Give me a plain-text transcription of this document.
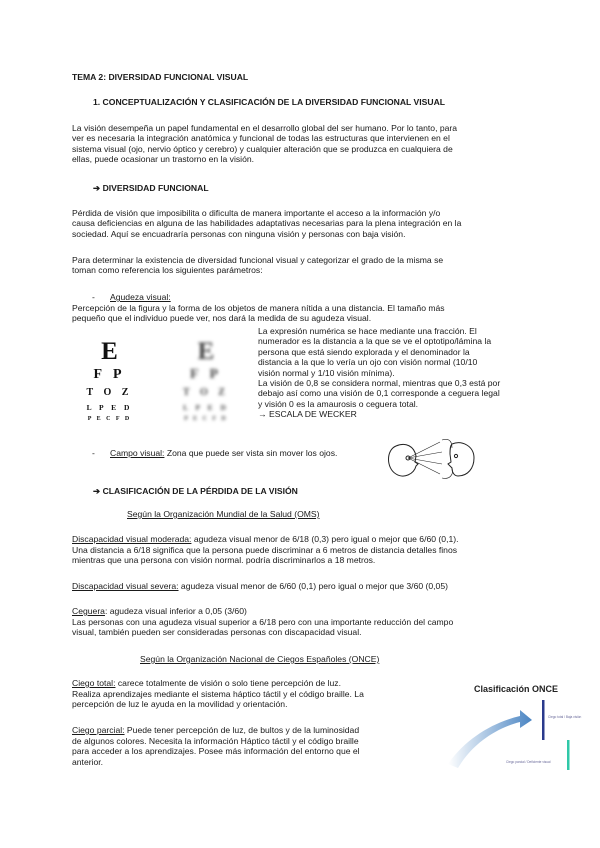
TEMA 2: DIVERSIDAD FUNCIONAL VISUAL
1. CONCEPTUALIZACIÓN Y CLASIFICACIÓN DE LA DIVERSIDAD FUNCIONAL VISUAL

La visión desempeña un papel fundamental en el desarrollo global del ser humano. Por lo tanto, para

ver es necesaria la integración anatómica y funcional de todas las estructuras que intervienen en el

sistema visual (ojo, nervio óptico y cerebro) y cualquier alteración que se produzca en cualquiera de

ellas, puede ocasionar un trastorno en la visión.

➔ DIVERSIDAD FUNCIONAL

Pérdida de visión que imposibilita o dificulta de manera importante el acceso a la información y/o

causa deficiencias en alguna de las habilidades adaptativas necesarias para la plena integración en la

sociedad. Aquí se encuadraría personas con ninguna visión y personas con baja visión.

Para determinar la existencia de diversidad funcional visual y categorizar el grado de la misma se

toman como referencia los siguientes parámetros:

- Agudeza visual:

Percepción de la figura y la forma de los objetos de manera nítida a una distancia. El tamaño más

pequeño que el individuo puede ver, nos dará la medida de su agudeza visual.

E
F P
T O Z
L P E D
P E C F D
E
F P
T O Z
L P E D
P E C F D

La expresión numérica se hace mediante una fracción. El

numerador es la distancia a la que se ve el optotipo/lámina la

persona que está siendo explorada y el denominador la

distancia a la que lo vería un ojo con visión normal (10/10

visión normal y 1/10 visión mínima).

La visión de 0,8 se considera normal, mientras que 0,3 está por

debajo así como una visión de 0,1 corresponde a ceguera legal

y visión 0 es la amaurosis o ceguera total.

→ ESCALA DE WECKER

- Campo visual: Zona que puede ser vista sin mover los ojos.
➔ CLASIFICACIÓN DE LA PÉRDIDA DE LA VISIÓN
Según la Organización Mundial de la Salud (OMS)
Discapacidad visual moderada: agudeza visual menor de 6/18 (0,3) pero igual o mejor que 6/60 (0,1).

Una distancia a 6/18 significa que la persona puede discriminar a 6 metros de distancia detalles finos

mientras que una persona con visión normal. podría discriminarlos a 18 metros.

Discapacidad visual severa: agudeza visual menor de 6/60 (0,1) pero igual o mejor que 3/60 (0,05)
Ceguera: agudeza visual inferior a 0,05 (3/60)

Las personas con una agudeza visual superior a 6/18 pero con una importante reducción del campo

visual, también pueden ser consideradas personas con discapacidad visual.

Según la Organización Nacional de Ciegos Españoles (ONCE)
Ciego total: carece totalmente de visión o solo tiene percepción de luz.

Realiza aprendizajes mediante el sistema háptico táctil y el código braille. La

percepción de luz le ayuda en la movilidad y orientación.

Ciego parcial: Puede tener percepción de luz, de bultos y de la luminosidad

de algunos colores. Necesita la información Háptico táctil y el código braille

para acceder a los aprendizajes. Posee más información del entorno que el

anterior.

Clasificación ONCE
Ciego total / Baja visión
Ciego parcial / Deficiente visual
